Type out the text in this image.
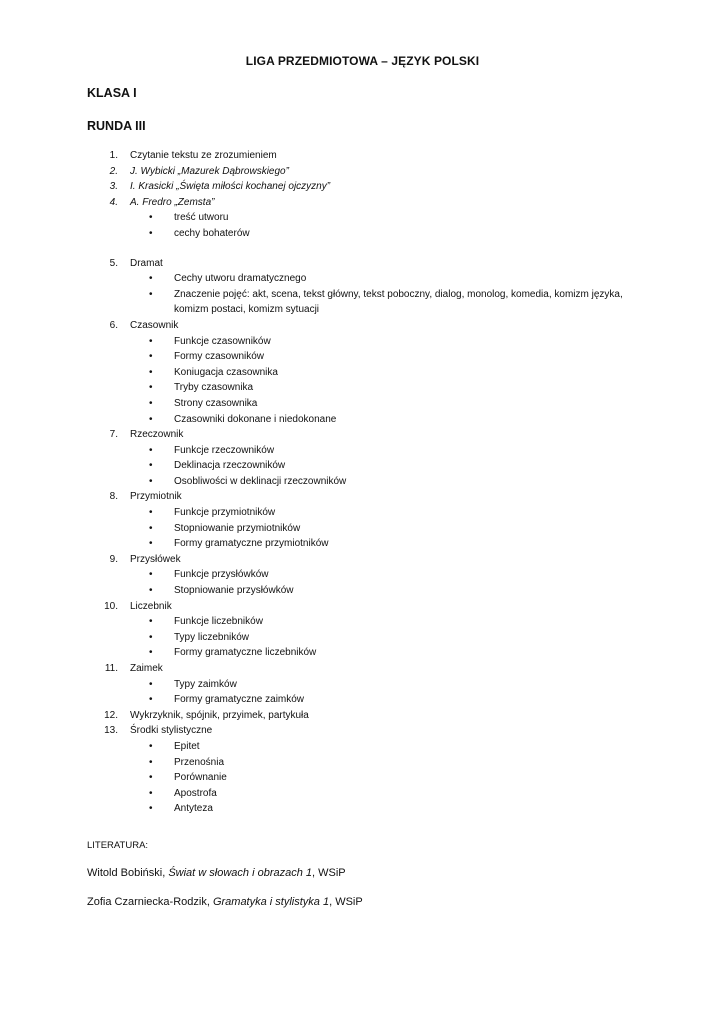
LIGA PRZEDMIOTOWA – JĘZYK POLSKI
KLASA I
RUNDA III
1. Czytanie tekstu ze zrozumieniem
2. J. Wybicki „Mazurek Dąbrowskiego”
3. I. Krasicki „Święta miłości kochanej ojczyzny”
4. A. Fredro „Zemsta”
• treść utworu
• cechy bohaterów
5. Dramat
• Cechy utworu dramatycznego
• Znaczenie pojęć: akt, scena, tekst główny, tekst poboczny, dialog, monolog, komedia, komizm języka, komizm postaci, komizm sytuacji
6. Czasownik
• Funkcje czasowników
• Formy czasowników
• Koniugacja czasownika
• Tryby czasownika
• Strony czasownika
• Czasowniki dokonane i niedokonane
7. Rzeczownik
• Funkcje rzeczowników
• Deklinacja rzeczowników
• Osobliwości w deklinacji rzeczowników
8. Przymiotnik
• Funkcje przymiotników
• Stopniowanie przymiotników
• Formy gramatyczne przymiotników
9. Przysłówek
• Funkcje przysłówków
• Stopniowanie przysłówków
10. Liczebnik
• Funkcje liczebników
• Typy liczebników
• Formy gramatyczne liczebników
11. Zaimek
• Typy zaimków
• Formy gramatyczne zaimków
12. Wykrzyknik, spójnik, przyimek, partykuła
13. Środki stylistyczne
• Epitet
• Przenośnia
• Porównanie
• Apostrofa
• Antyteza
LITERATURA:
Witold Bobiński, Świat w słowach i obrazach 1, WSiP
Zofia Czarniecka-Rodzik, Gramatyka i stylistyka 1, WSiP
